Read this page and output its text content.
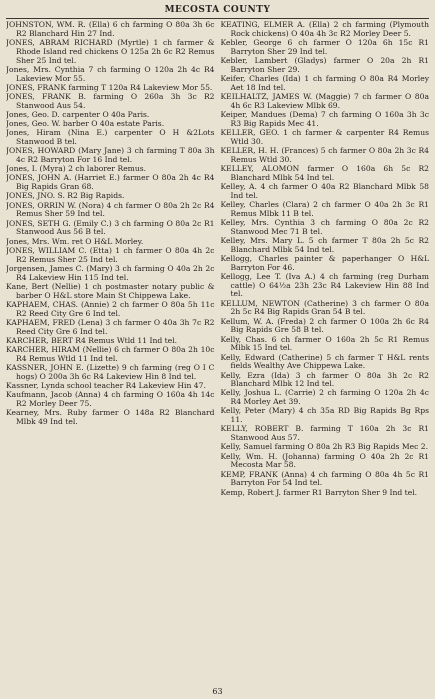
MECOSTA COUNTY
JOHNSTON, WM. R. (Ella) 6 ch farming O 80a 3h 6c R2 Blanchard Hin 27 Ind.
JONES, ABRAM RICHARD (Myrtle) 1 ch farmer & Rhode Island red chickens O 125a 2h 6c R2 Remus Sher 25 Ind tel.
Jones, Mrs. Cynthia 7 ch farming O 120a 2h 4c R4 Lakeview Mor 55.
JONES, FRANK farming T 120a R4 Lakeview Mor 55.
JONES, FRANK B. farming O 260a 3h 3c R2 Stanwood Aus 54.
Jones, Geo. D. carpenter O 40a Paris.
Jones, Geo. W. barber O 40a estate Paris.
Jones, Hiram (Nina E.) carpenter O H &2Lots Stanwood B tel.
JONES, HOWARD (Mary Jane) 3 ch farming T 80a 3h 4c R2 Barryton For 16 Ind tel.
Jones, I. (Myra) 2 ch laborer Remus.
JONES, JOHN A. (Harriet E.) farmer O 80a 2h 4c R4 Big Rapids Gran 68.
JONES, JNO. S. R2 Big Rapids.
JONES, ORRIN W. (Nora) 4 ch farmer O 80a 2h 2c R4 Remus Sher 59 Ind tel.
JONES, SETH G. (Emily C.) 3 ch farming O 80a 2c R1 Stanwood Aus 56 B tel.
Jones, Mrs. Wm. ret O H&L Morley.
JONES, WILLIAM C. (Etta) 1 ch farmer O 80a 4h 2c R2 Remus Sher 25 Ind tel.
Jorgensen, James C. (Mary) 3 ch farming O 40a 2h 2c R4 Lakeview Hin 115 Ind tel.
Kane, Bert (Nellie) 1 ch postmaster notary public & barber O H&L store Main St Chippewa Lake.
KAPHAEM, CHAS. (Annie) 2 ch farmer O 80a 5h 11c R2 Reed City Gre 6 Ind tel.
KAPHAEM, FRED (Lena) 3 ch farmer O 40a 3h 7c R2 Reed City Gre 6 Ind tel.
KARCHER, BERT R4 Remus Wtld 11 Ind tel.
KARCHER, HIRAM (Nellie) 6 ch farmer O 80a 2h 10c R4 Remus Wtld 11 Ind tel.
KASSNER, JOHN E. (Lizette) 9 ch farming (reg O I C hogs) O 200a 3h 6c R4 Lakeview Hin 8 Ind tel.
Kassner, Lynda school teacher R4 Lakeview Hin 47.
Kaufmann, Jacob (Anna) 4 ch farming O 160a 4h 14c R2 Morley Deer 75.
Kearney, Mrs. Ruby farmer O 148a R2 Blanchard Mlbk 49 Ind tel.
KEATING, ELMER A. (Ella) 2 ch farming (Plymouth Rock chickens) O 40a 4h 3c R2 Morley Deer 5.
Kebler, George 6 ch farmer O 120a 6h 15c R1 Barryton Sher 29 Ind tel.
Kebler, Lambert (Gladys) farmer O 20a 2h R1 Barryton Sher 29.
Keifer, Charles (Ida) 1 ch farming O 80a R4 Morley Aet 18 Ind tel.
KEILHALTZ, JAMES W. (Maggie) 7 ch farmer O 80a 4h 6c R3 Lakeview Mlbk 69.
Keiper, Mandues (Dema) 7 ch farming O 160a 3h 3c R3 Big Rapids Mec 41.
KELLER, GEO. 1 ch farmer & carpenter R4 Remus Wtld 30.
KELLER, H. H. (Frances) 5 ch farmer O 80a 2h 3c R4 Remus Wtld 30.
KELLEY, ALOMON farmer O 160a 6h 5c R2 Blanchard Mlbk 54 Ind tel.
Kelley, A. 4 ch farmer O 40a R2 Blanchard Mlbk 58 Ind tel.
Kelley, Charles (Clara) 2 ch farmer O 40a 2h 3c R1 Remus Mlbk 11 B tel.
Kelley, Mrs. Cynthia 3 ch farming O 80a 2c R2 Stanwood Mec 71 B tel.
Kelley, Mrs. Mary L. 5 ch farmer T 80a 2h 5c R2 Blanchard Mlbk 54 Ind tel.
Kellogg, Charles painter & paperhanger O H&L Barryton For 46.
Kellogg, Lee T. (Iva A.) 4 ch farming (reg Durham cattle) O 64½a 23h 23c R4 Lakeview Hin 88 Ind tel.
KELLUM, NEWTON (Catherine) 3 ch farmer O 80a 2h 5c R4 Big Rapids Gran 54 B tel.
Kellum, W. A. (Freda) 2 ch farmer O 100a 2h 6c R4 Big Rapids Gre 58 B tel.
Kelly, Chas. 6 ch farmer O 160a 2h 5c R1 Remus Mlbk 15 Ind tel.
Kelly, Edward (Catherine) 5 ch farmer T H&L rents fields Wealthy Ave Chippewa Lake.
Kelly, Ezra (Ida) 3 ch farmer O 80a 3h 2c R2 Blanchard Mlbk 12 Ind tel.
Kelly, Joshua L. (Carrie) 2 ch farming O 120a 2h 4c R4 Morley Aet 39.
Kelly, Peter (Mary) 4 ch 35a RD Big Rapids Bg Rps 11.
KELLY, ROBERT B. farming T 160a 2h 3c R1 Stanwood Aus 57.
Kelly, Samuel farming O 80a 2h R3 Big Rapids Mec 2.
Kelly, Wm. H. (Johanna) farming O 40a 2h 2c R1 Mecosta Mar 58.
KEMP, FRANK (Anna) 4 ch farming O 80a 4h 5c R1 Barryton For 54 Ind tel.
Kemp, Robert J. farmer R1 Barryton Sher 9 Ind tel.
63
